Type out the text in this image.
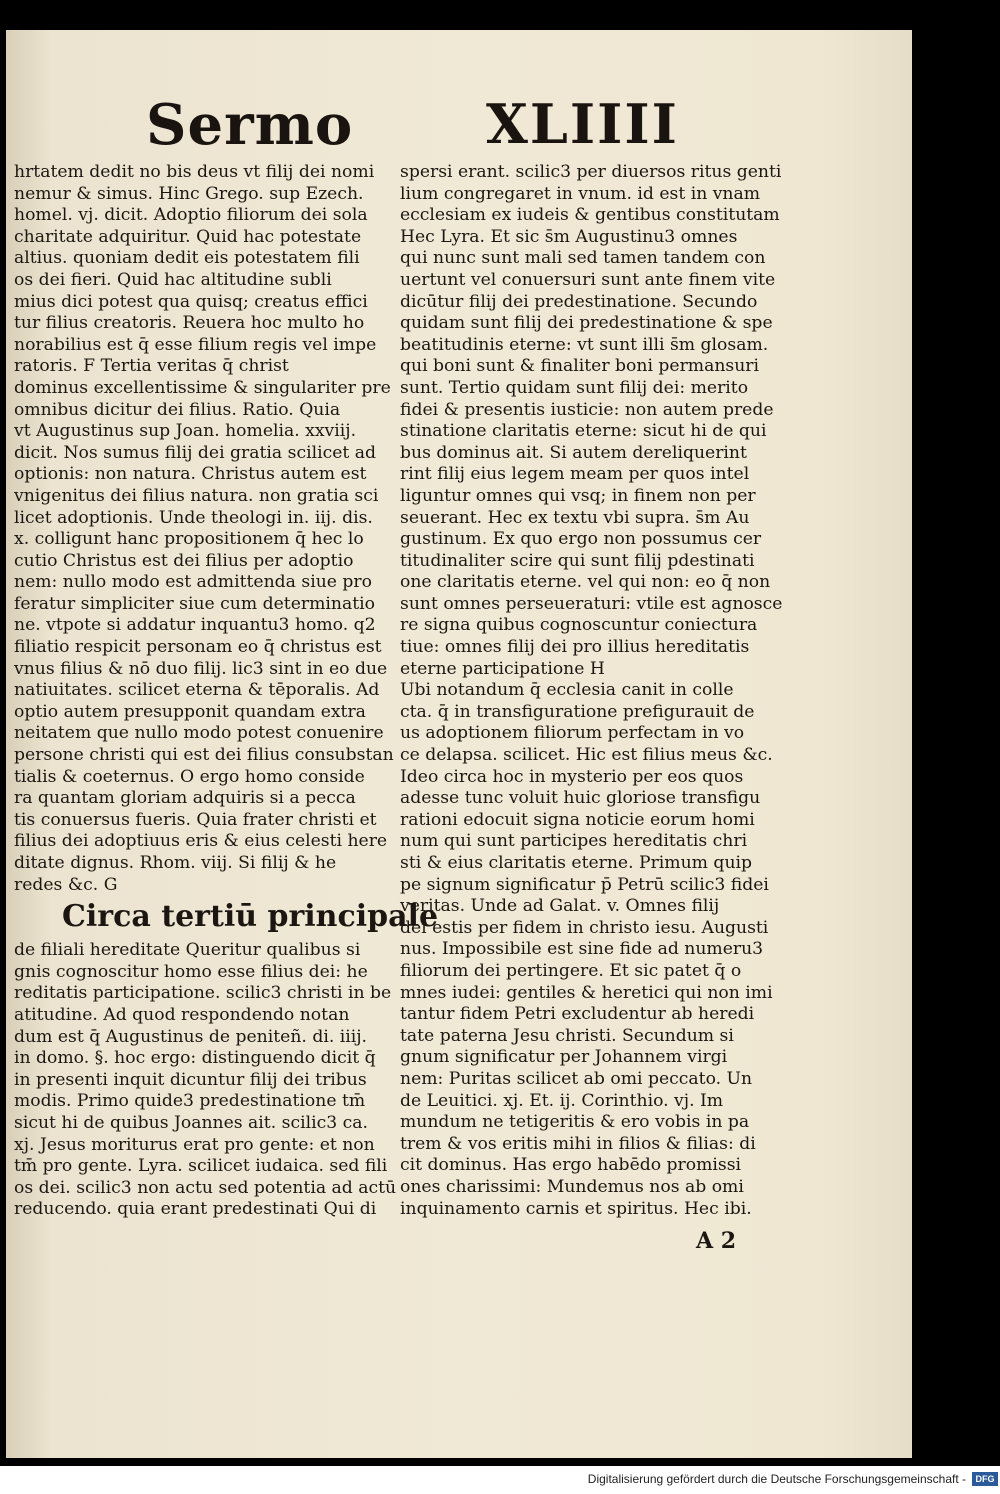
Sermo XLIIII
hrtatem dedit no bis deus vt filij dei nomi
nemur & simus. Hinc Grego. sup Ezech.
homel. vj. dicit. Adoptio filiorum dei sola
charitate adquiritur. Quid hac potestate
altius. quoniam dedit eis potestatem fili
os dei fieri. Quid hac altitudine subli
mius dici potest qua quisq; creatus effici
tur filius creatoris. Reuera hoc multo ho
norabilius est q̄ esse filium regis vel impe
ratoris. F Tertia veritas q̄ christ
dominus excellentissime & singulariter pre
omnibus dicitur dei filius. Ratio. Quia
vt Augustinus sup Joan. homelia. xxviij.
dicit. Nos sumus filij dei gratia scilicet ad
optionis: non natura. Christus autem est
vnigenitus dei filius natura. non gratia sci
licet adoptionis. Unde theologi in. iij. dis.
x. colligunt hanc propositionem q̄ hec lo
cutio Christus est dei filius per adoptio
nem: nullo modo est admittenda siue pro
feratur simpliciter siue cum determinatio
ne. vtpote si addatur inquantu3 homo. q2
filiatio respicit personam eo q̄ christus est
vnus filius & nō duo filij. lic3 sint in eo due
natiuitates. scilicet eterna & tēporalis. Ad
optio autem presupponit quandam extra
neitatem que nullo modo potest conuenire
persone christi qui est dei filius consubstan
tialis & coeternus. O ergo homo conside
ra quantam gloriam adquiris si a pecca
tis conuersus fueris. Quia frater christi et
filius dei adoptiuus eris & eius celesti here
ditate dignus. Rhom. viij. Si filij & he
redes &c. G
Circa tertiū principale
de filiali hereditate Queritur qualibus si
gnis cognoscitur homo esse filius dei: he
reditatis participatione. scilic3 christi in be
atitudine. Ad quod respondendo notan
dum est q̄ Augustinus de peniteñ. di. iiij.
in domo. §. hoc ergo: distinguendo dicit q̄
in presenti inquit dicuntur filij dei tribus
modis. Primo quide3 predestinatione tm̄
sicut hi de quibus Joannes ait. scilic3 ca.
xj. Jesus moriturus erat pro gente: et non
tm̄ pro gente. Lyra. scilicet iudaica. sed fili
os dei. scilic3 non actu sed potentia ad actū
reducendo. quia erant predestinati Qui di
spersi erant. scilic3 per diuersos ritus genti
lium congregaret in vnum. id est in vnam
ecclesiam ex iudeis & gentibus constitutam
Hec Lyra. Et sic s̄m Augustinu3 omnes
qui nunc sunt mali sed tamen tandem con
uertunt vel conuersuri sunt ante finem vite
dicūtur filij dei predestinatione. Secundo
quidam sunt filij dei predestinatione & spe
beatitudinis eterne: vt sunt illi s̄m glosam.
qui boni sunt & finaliter boni permansuri
sunt. Tertio quidam sunt filij dei: merito
fidei & presentis iusticie: non autem prede
stinatione claritatis eterne: sicut hi de qui
bus dominus ait. Si autem dereliquerint
rint filij eius legem meam per quos intel
liguntur omnes qui vsq; in finem non per
seuerant. Hec ex textu vbi supra. s̄m Au
gustinum. Ex quo ergo non possumus cer
titudinaliter scire qui sunt filij pdestinati
one claritatis eterne. vel qui non: eo q̄ non
sunt omnes perseueraturi: vtile est agnosce
re signa quibus cognoscuntur coniectura
tiue: omnes filij dei pro illius hereditatis
eterne participatione H
Ubi notandum q̄ ecclesia canit in colle
cta. q̄ in transfiguratione prefigurauit de
us adoptionem filiorum perfectam in vo
ce delapsa. scilicet. Hic est filius meus &c.
Ideo circa hoc in mysterio per eos quos
adesse tunc voluit huic gloriose transfigu
rationi edocuit signa noticie eorum homi
num qui sunt participes hereditatis chri
sti & eius claritatis eterne. Primum quip
pe signum significatur p̄ Petrū scilic3 fidei
veritas. Unde ad Galat. v. Omnes filij
dei estis per fidem in christo iesu. Augusti
nus. Impossibile est sine fide ad numeru3
filiorum dei pertingere. Et sic patet q̄ o
mnes iudei: gentiles & heretici qui non imi
tantur fidem Petri excludentur ab heredi
tate paterna Jesu christi. Secundum si
gnum significatur per Johannem virgi
nem: Puritas scilicet ab omi peccato. Un
de Leuitici. xj. Et. ij. Corinthio. vj. Im
mundum ne tetigeritis & ero vobis in pa
trem & vos eritis mihi in filios & filias: di
cit dominus. Has ergo habēdo promissi
ones charissimi: Mundemus nos ab omi
inquinamento carnis et spiritus. Hec ibi.
A 2
Digitalisierung gefördert durch die Deutsche Forschungsgemeinschaft -	DFG
